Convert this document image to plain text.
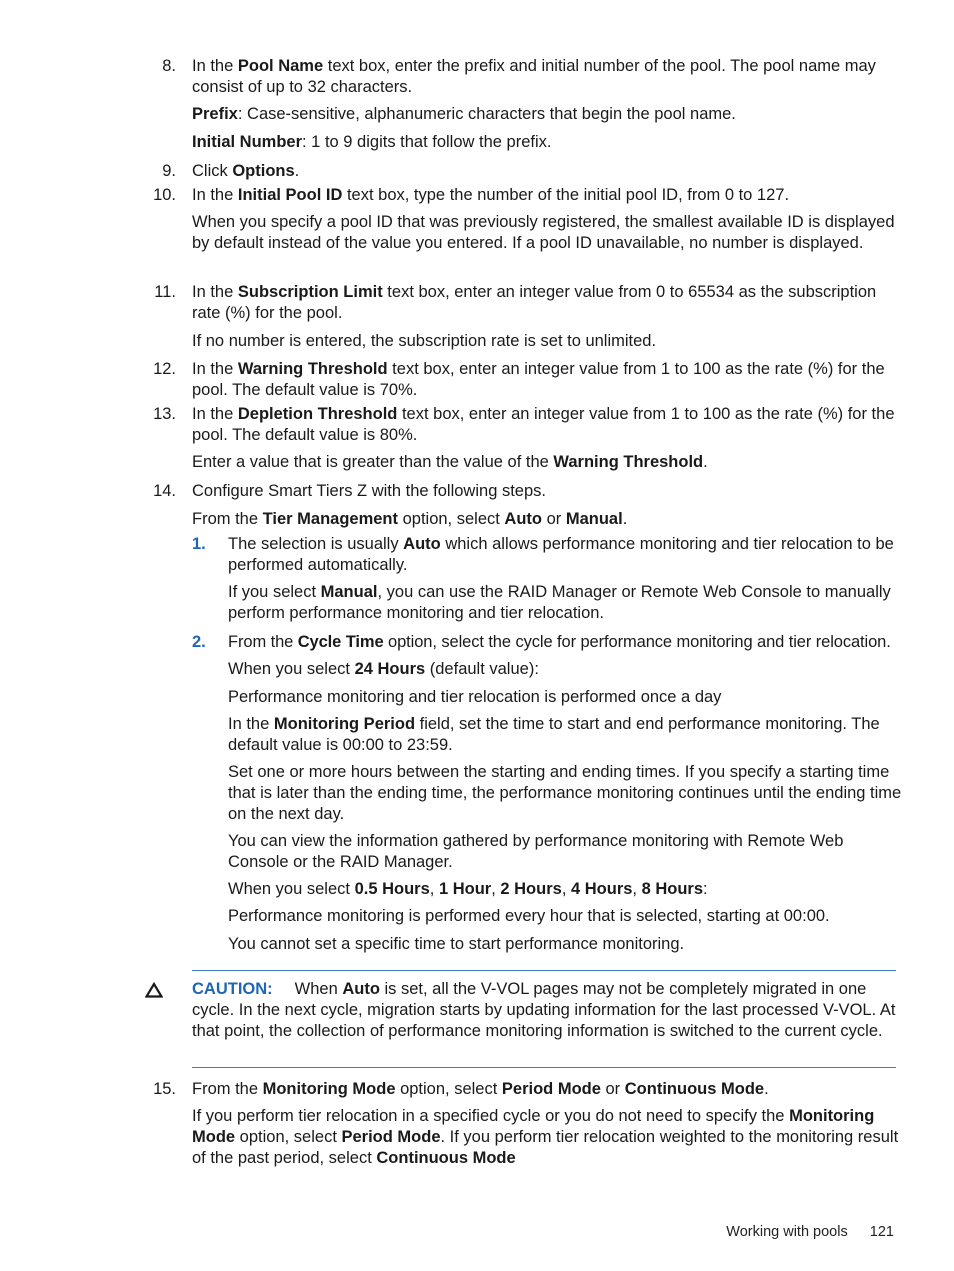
8. In the Pool Name text box, enter the prefix and initial number of the pool. The pool name may consist of up to 32 characters.

Prefix: Case-sensitive, alphanumeric characters that begin the pool name.

Initial Number: 1 to 9 digits that follow the prefix.

9. Click Options.

10. In the Initial Pool ID text box, type the number of the initial pool ID, from 0 to 127.

When you specify a pool ID that was previously registered, the smallest available ID is displayed by default instead of the value you entered. If a pool ID unavailable, no number is displayed.

11. In the Subscription Limit text box, enter an integer value from 0 to 65534 as the subscription rate (%) for the pool.

If no number is entered, the subscription rate is set to unlimited.

12. In the Warning Threshold text box, enter an integer value from 1 to 100 as the rate (%) for the pool. The default value is 70%.

13. In the Depletion Threshold text box, enter an integer value from 1 to 100 as the rate (%) for the pool. The default value is 80%.

Enter a value that is greater than the value of the Warning Threshold.

14. Configure Smart Tiers Z with the following steps.

From the Tier Management option, select Auto or Manual.

1. The selection is usually Auto which allows performance monitoring and tier relocation to be performed automatically.

If you select Manual, you can use the RAID Manager or Remote Web Console to manually perform performance monitoring and tier relocation.

2. From the Cycle Time option, select the cycle for performance monitoring and tier relocation.

When you select 24 Hours (default value):

Performance monitoring and tier relocation is performed once a day

In the Monitoring Period field, set the time to start and end performance monitoring. The default value is 00:00 to 23:59.

Set one or more hours between the starting and ending times. If you specify a starting time that is later than the ending time, the performance monitoring continues until the ending time on the next day.

You can view the information gathered by performance monitoring with Remote Web Console or the RAID Manager.

When you select 0.5 Hours, 1 Hour, 2 Hours, 4 Hours, 8 Hours:

Performance monitoring is performed every hour that is selected, starting at 00:00.

You cannot set a specific time to start performance monitoring.

CAUTION: When Auto is set, all the V-VOL pages may not be completely migrated in one cycle. In the next cycle, migration starts by updating information for the last processed V-VOL. At that point, the collection of performance monitoring information is switched to the current cycle.

15. From the Monitoring Mode option, select Period Mode or Continuous Mode.

If you perform tier relocation in a specified cycle or you do not need to specify the Monitoring Mode option, select Period Mode. If you perform tier relocation weighted to the monitoring result of the past period, select Continuous Mode

Working with pools 121
